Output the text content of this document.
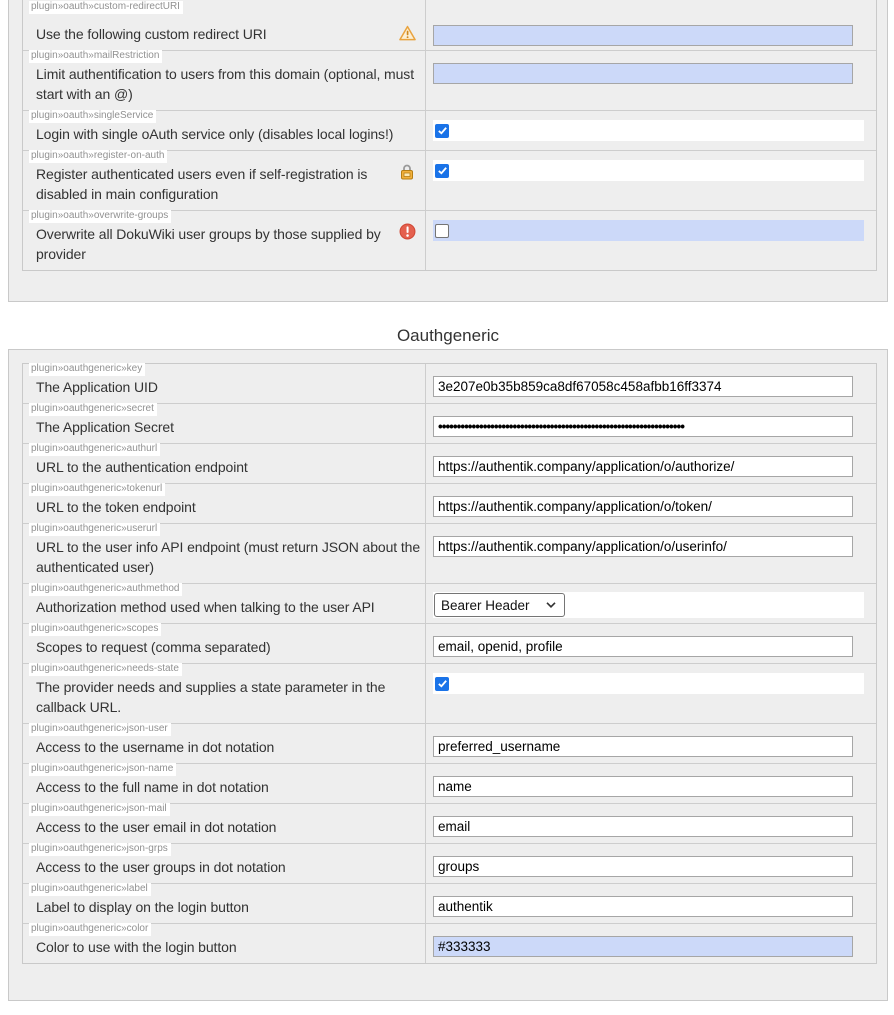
plugin»oauth»custom-redirectURI
Use the following custom redirect URI
plugin»oauth»mailRestriction
Limit authentification to users from this domain (optional, must start with an @)
plugin»oauth»singleService
Login with single oAuth service only (disables local logins!)
plugin»oauth»register-on-auth
Register authenticated users even if self-registration is disabled in main configuration
plugin»oauth»overwrite-groups
Overwrite all DokuWiki user groups by those supplied by provider
Oauthgeneric
plugin»oauthgeneric»key
The Application UID
3e207e0b35b859ca8df67058c458afbb16ff3374
plugin»oauthgeneric»secret
The Application Secret
••••••••••••••••••••••••••••••••••••••••••••••••••••••••••••••••••
plugin»oauthgeneric»authurl
URL to the authentication endpoint
https://authentik.company/application/o/authorize/
plugin»oauthgeneric»tokenurl
URL to the token endpoint
https://authentik.company/application/o/token/
plugin»oauthgeneric»userurl
URL to the user info API endpoint (must return JSON about the authenticated user)
https://authentik.company/application/o/userinfo/
plugin»oauthgeneric»authmethod
Authorization method used when talking to the user API	Bearer Header
plugin»oauthgeneric»scopes
Scopes to request (comma separated)
email, openid, profile
plugin»oauthgeneric»needs-state
The provider needs and supplies a state parameter in the callback URL.
plugin»oauthgeneric»json-user
Access to the username in dot notation
preferred_username
plugin»oauthgeneric»json-name
Access to the full name in dot notation
name
plugin»oauthgeneric»json-mail
Access to the user email in dot notation
email
plugin»oauthgeneric»json-grps
Access to the user groups in dot notation
groups
plugin»oauthgeneric»label
Label to display on the login button
authentik
plugin»oauthgeneric»color
Color to use with the login button
#333333
